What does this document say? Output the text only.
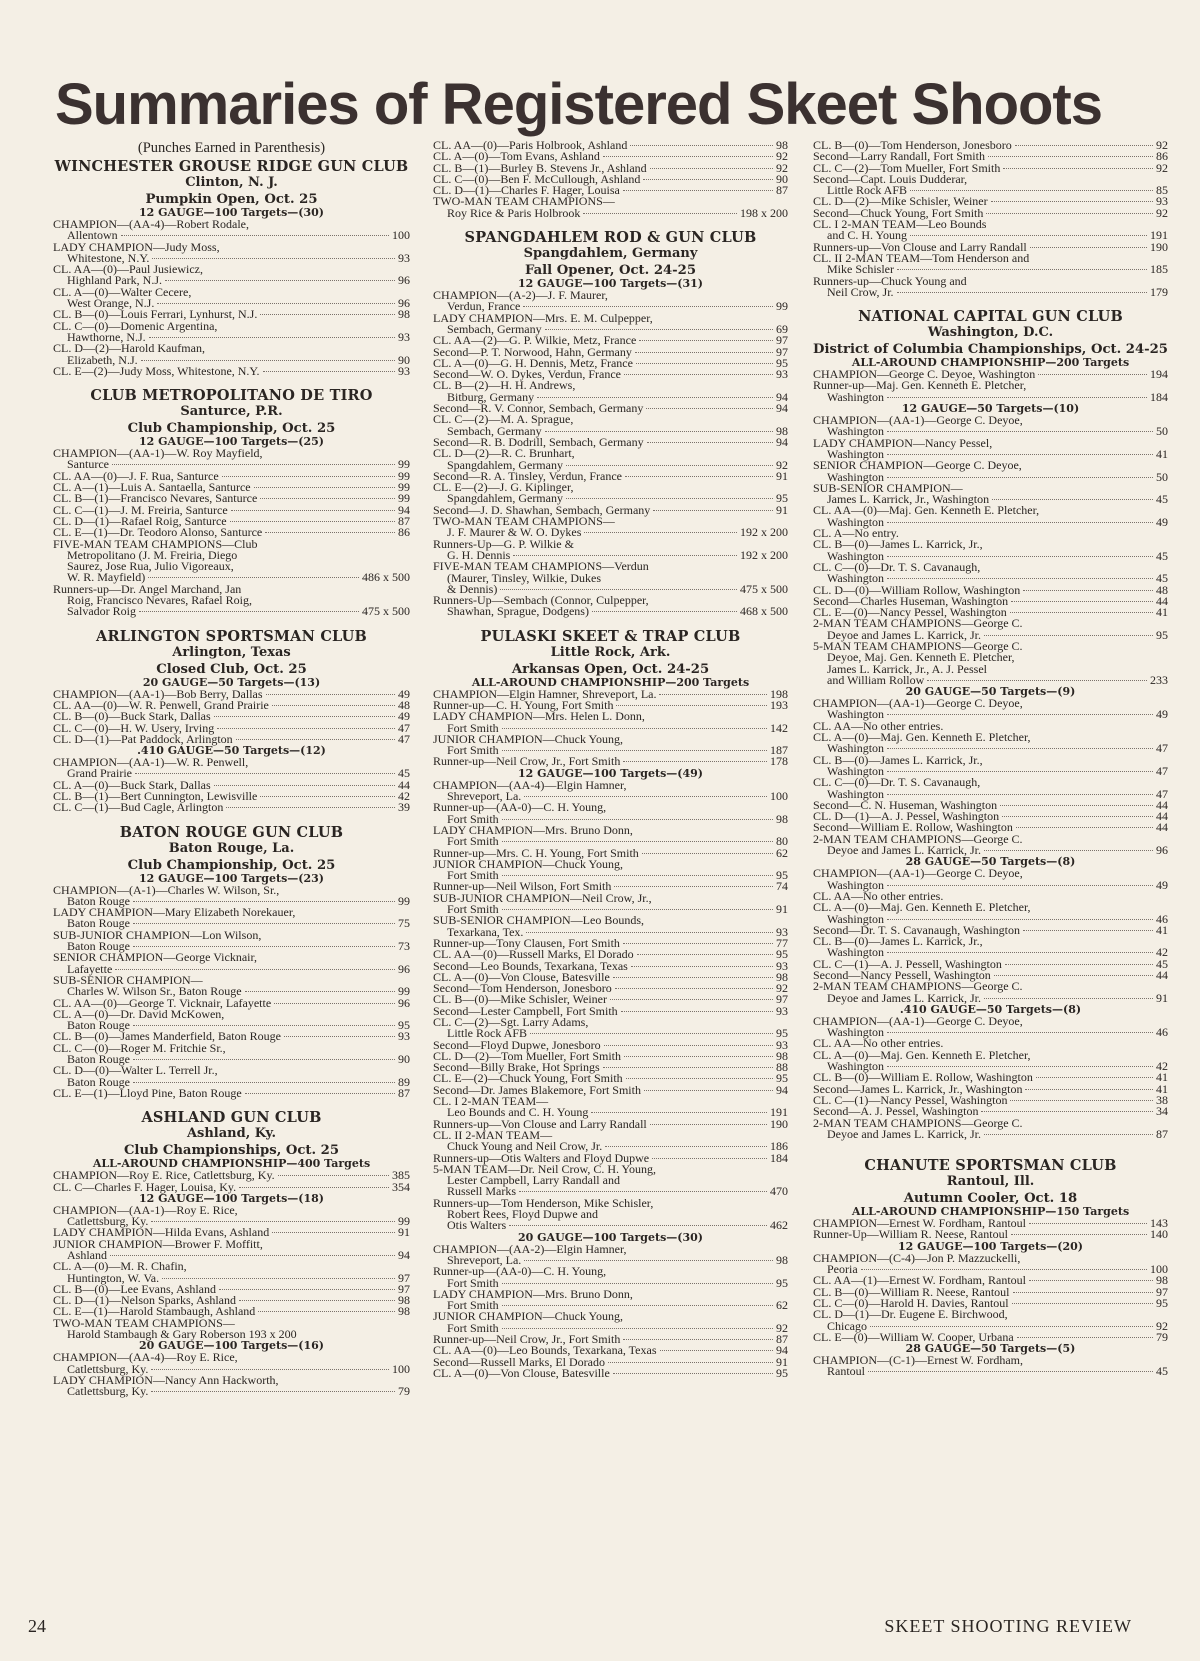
Summaries of Registered Skeet Shoots
(Punches Earned in Parenthesis)
WINCHESTER GROUSE RIDGE GUN CLUB
Clinton, N. J.
Pumpkin Open, Oct. 25
12 GAUGE—100 Targets—(30)
CHAMPION—(AA-4)—Robert Rodale,
Allentown	100
LADY CHAMPION—Judy Moss,
Whitestone, N.Y.	93
CL. AA—(0)—Paul Jusiewicz,
Highland Park, N.J.	96
CL. A—(0)—Walter Cecere,
West Orange, N.J.	96
CL. B—(0)—Louis Ferrari, Lynhurst, N.J.	98
CL. C—(0)—Domenic Argentina,
Hawthorne, N.J.	93
CL. D—(2)—Harold Kaufman,
Elizabeth, N.J.	90
CL. E—(2)—Judy Moss, Whitestone, N.Y.	93
CLUB METROPOLITANO DE TIRO
Santurce, P.R.
Club Championship, Oct. 25
12 GAUGE—100 Targets—(25)
CHAMPION—(AA-1)—W. Roy Mayfield,
Santurce	99
CL. AA—(0)—J. F. Rua, Santurce	99
CL. A—(1)—Luis A. Santaella, Santurce	99
CL. B—(1)—Francisco Nevares, Santurce	99
CL. C—(1)—J. M. Freiria, Santurce	94
CL. D—(1)—Rafael Roig, Santurce	87
CL. E—(1)—Dr. Teodoro Alonso, Santurce	86
FIVE-MAN TEAM CHAMPIONS—Club
Metropolitano (J. M. Freiria, Diego
Saurez, Jose Rua, Julio Vigoreaux,
W. R. Mayfield)	486 x 500
Runners-up—Dr. Angel Marchand, Jan
Roig, Francisco Nevares, Rafael Roig,
Salvador Roig	475 x 500
ARLINGTON SPORTSMAN CLUB
Arlington, Texas
Closed Club, Oct. 25
20 GAUGE—50 Targets—(13)
CHAMPION—(AA-1)—Bob Berry, Dallas	49
CL. AA—(0)—W. R. Penwell, Grand Prairie	48
CL. B—(0)—Buck Stark, Dallas	49
CL. C—(0)—H. W. Usery, Irving	47
CL. D—(1)—Pat Paddock, Arlington	47
.410 GAUGE—50 Targets—(12)
CHAMPION—(AA-1)—W. R. Penwell,
Grand Prairie	45
CL. A—(0)—Buck Stark, Dallas	44
CL. B—(1)—Bert Cunnington, Lewisville	42
CL. C—(1)—Bud Cagle, Arlington	39
BATON ROUGE GUN CLUB
Baton Rouge, La.
Club Championship, Oct. 25
12 GAUGE—100 Targets—(23)
CHAMPION—(A-1)—Charles W. Wilson, Sr.,
Baton Rouge	99
LADY CHAMPION—Mary Elizabeth Norekauer,
Baton Rouge	75
SUB-JUNIOR CHAMPION—Lon Wilson,
Baton Rouge	73
SENIOR CHAMPION—George Vicknair,
Lafayette	96
SUB-SENIOR CHAMPION—
Charles W. Wilson Sr., Baton Rouge	99
CL. AA—(0)—George T. Vicknair, Lafayette	96
CL. A—(0)—Dr. David McKowen,
Baton Rouge	95
CL. B—(0)—James Manderfield, Baton Rouge	93
CL. C—(0)—Roger M. Fritchie Sr.,
Baton Rouge	90
CL. D—(0)—Walter L. Terrell Jr.,
Baton Rouge	89
CL. E—(1)—Lloyd Pine, Baton Rouge	87
ASHLAND GUN CLUB
Ashland, Ky.
Club Championships, Oct. 25
ALL-AROUND CHAMPIONSHIP—400 Targets
CHAMPION—Roy E. Rice, Catlettsburg, Ky.	385
CL. C—Charles F. Hager, Louisa, Ky.	354
12 GAUGE—100 Targets—(18)
CHAMPION—(AA-1)—Roy E. Rice,
Catlettsburg, Ky.	99
LADY CHAMPION—Hilda Evans, Ashland	91
JUNIOR CHAMPION—Brower F. Moffitt,
Ashland	94
CL. A—(0)—M. R. Chafin,
Huntington, W. Va.	97
CL. B—(0)—Lee Evans, Ashland	97
CL. D—(1)—Nelson Sparks, Ashland	98
CL. E—(1)—Harold Stambaugh, Ashland	98
TWO-MAN TEAM CHAMPIONS—
Harold Stambaugh & Gary Roberson 193 x 200
20 GAUGE—100 Targets—(16)
CHAMPION—(AA-4)—Roy E. Rice,
Catlettsburg, Ky.	100
LADY CHAMPION—Nancy Ann Hackworth,
Catlettsburg, Ky.	79
CL. AA—(0)—Paris Holbrook, Ashland	98
CL. A—(0)—Tom Evans, Ashland	92
CL. B—(1)—Burley B. Stevens Jr., Ashland	92
CL. C—(0)—Ben F. McCullough, Ashland	90
CL. D—(1)—Charles F. Hager, Louisa	87
TWO-MAN TEAM CHAMPIONS—
Roy Rice & Paris Holbrook	198 x 200
SPANGDAHLEM ROD & GUN CLUB
Spangdahlem, Germany
Fall Opener, Oct. 24-25
12 GAUGE—100 Targets—(31)
CHAMPION—(A-2)—J. F. Maurer,
Verdun, France	99
LADY CHAMPION—Mrs. E. M. Culpepper,
Sembach, Germany	69
CL. AA—(2)—G. P. Wilkie, Metz, France	97
Second—P. T. Norwood, Hahn, Germany	97
CL. A—(0)—G. H. Dennis, Metz, France	95
Second—W. O. Dykes, Verdun, France	93
CL. B—(2)—H. H. Andrews,
Bitburg, Germany	94
Second—R. V. Connor, Sembach, Germany	94
CL. C—(2)—M. A. Sprague,
Sembach, Germany	98
Second—R. B. Dodrill, Sembach, Germany	94
CL. D—(2)—R. C. Brunhart,
Spangdahlem, Germany	92
Second—R. A. Tinsley, Verdun, France	91
CL. E—(2)—J. G. Kiplinger,
Spangdahlem, Germany	95
Second—J. D. Shawhan, Sembach, Germany	91
TWO-MAN TEAM CHAMPIONS—
J. F. Maurer & W. O. Dykes	192 x 200
Runners-Up—G. P. Wilkie &
G. H. Dennis	192 x 200
FIVE-MAN TEAM CHAMPIONS—Verdun
(Maurer, Tinsley, Wilkie, Dukes
& Dennis)	475 x 500
Runners-Up—Sembach (Connor, Culpepper,
Shawhan, Sprague, Dodgens)	468 x 500
PULASKI SKEET & TRAP CLUB
Little Rock, Ark.
Arkansas Open, Oct. 24-25
ALL-AROUND CHAMPIONSHIP—200 Targets
CHAMPION—Elgin Hamner, Shreveport, La.	198
Runner-up—C. H. Young, Fort Smith	193
LADY CHAMPION—Mrs. Helen L. Donn,
Fort Smith	142
JUNIOR CHAMPION—Chuck Young,
Fort Smith	187
Runner-up—Neil Crow, Jr., Fort Smith	178
12 GAUGE—100 Targets—(49)
CHAMPION—(AA-4)—Elgin Hamner,
Shreveport, La.	100
Runner-up—(AA-0)—C. H. Young,
Fort Smith	98
LADY CHAMPION—Mrs. Bruno Donn,
Fort Smith	80
Runner-up—Mrs. C. H. Young, Fort Smith	62
JUNIOR CHAMPION—Chuck Young,
Fort Smith	95
Runner-up—Neil Wilson, Fort Smith	74
SUB-JUNIOR CHAMPION—Neil Crow, Jr.,
Fort Smith	91
SUB-SENIOR CHAMPION—Leo Bounds,
Texarkana, Tex.	93
Runner-up—Tony Clausen, Fort Smith	77
CL. AA—(0)—Russell Marks, El Dorado	95
Second—Leo Bounds, Texarkana, Texas	93
CL. A—(0)—Von Clouse, Batesville	98
Second—Tom Henderson, Jonesboro	92
CL. B—(0)—Mike Schisler, Weiner	97
Second—Lester Campbell, Fort Smith	93
CL. C—(2)—Sgt. Larry Adams,
Little Rock AFB	95
Second—Floyd Dupwe, Jonesboro	93
CL. D—(2)—Tom Mueller, Fort Smith	98
Second—Billy Brake, Hot Springs	88
CL. E—(2)—Chuck Young, Fort Smith	95
Second—Dr. James Blakemore, Fort Smith	94
CL. I 2-MAN TEAM—
Leo Bounds and C. H. Young	191
Runners-up—Von Clouse and Larry Randall	190
CL. II 2-MAN TEAM—
Chuck Young and Neil Crow, Jr.	186
Runners-up—Otis Walters and Floyd Dupwe	184
5-MAN TEAM—Dr. Neil Crow, C. H. Young,
Lester Campbell, Larry Randall and
Russell Marks	470
Runners-up—Tom Henderson, Mike Schisler,
Robert Rees, Floyd Dupwe and
Otis Walters	462
20 GAUGE—100 Targets—(30)
CHAMPION—(AA-2)—Elgin Hamner,
Shreveport, La.	98
Runner-up—(AA-0)—C. H. Young,
Fort Smith	95
LADY CHAMPION—Mrs. Bruno Donn,
Fort Smith	62
JUNIOR CHAMPION—Chuck Young,
Fort Smith	92
Runner-up—Neil Crow, Jr., Fort Smith	87
CL. AA—(0)—Leo Bounds, Texarkana, Texas	94
Second—Russell Marks, El Dorado	91
CL. A—(0)—Von Clouse, Batesville	95
CL. B—(0)—Tom Henderson, Jonesboro	92
Second—Larry Randall, Fort Smith	86
CL. C—(2)—Tom Mueller, Fort Smith	92
Second—Capt. Louis Dudderar,
Little Rock AFB	85
CL. D—(2)—Mike Schisler, Weiner	93
Second—Chuck Young, Fort Smith	92
CL. I 2-MAN TEAM—Leo Bounds
and C. H. Young	191
Runners-up—Von Clouse and Larry Randall	190
CL. II 2-MAN TEAM—Tom Henderson and
Mike Schisler	185
Runners-up—Chuck Young and
Neil Crow, Jr.	179
NATIONAL CAPITAL GUN CLUB
Washington, D.C.
District of Columbia Championships, Oct. 24-25
ALL-AROUND CHAMPIONSHIP—200 Targets
CHAMPION—George C. Deyoe, Washington	194
Runner-up—Maj. Gen. Kenneth E. Pletcher,
Washington	184
12 GAUGE—50 Targets—(10)
CHAMPION—(AA-1)—George C. Deyoe,
Washington	50
LADY CHAMPION—Nancy Pessel,
Washington	41
SENIOR CHAMPION—George C. Deyoe,
Washington	50
SUB-SENIOR CHAMPION—
James L. Karrick, Jr., Washington	45
CL. AA—(0)—Maj. Gen. Kenneth E. Pletcher,
Washington	49
CL. A—No entry.
CL. B—(0)—James L. Karrick, Jr.,
Washington	45
CL. C—(0)—Dr. T. S. Cavanaugh,
Washington	45
CL. D—(0)—William Rollow, Washington	48
Second—Charles Huseman, Washington	44
CL. E—(0)—Nancy Pessel, Washington	41
2-MAN TEAM CHAMPIONS—George C.
Deyoe and James L. Karrick, Jr.	95
5-MAN TEAM CHAMPIONS—George C.
Deyoe, Maj. Gen. Kenneth E. Pletcher,
James L. Karrick, Jr., A. J. Pessel
and William Rollow	233
20 GAUGE—50 Targets—(9)
CHAMPION—(AA-1)—George C. Deyoe,
Washington	49
CL. AA—No other entries.
CL. A—(0)—Maj. Gen. Kenneth E. Pletcher,
Washington	47
CL. B—(0)—James L. Karrick, Jr.,
Washington	47
CL. C—(0)—Dr. T. S. Cavanaugh,
Washington	47
Second—C. N. Huseman, Washington	44
CL. D—(1)—A. J. Pessel, Washington	44
Second—William E. Rollow, Washington	44
2-MAN TEAM CHAMPIONS—George C.
Deyoe and James L. Karrick, Jr.	96
28 GAUGE—50 Targets—(8)
CHAMPION—(AA-1)—George C. Deyoe,
Washington	49
CL. AA—No other entries.
CL. A—(0)—Maj. Gen. Kenneth E. Pletcher,
Washington	46
Second—Dr. T. S. Cavanaugh, Washington	41
CL. B—(0)—James L. Karrick, Jr.,
Washington	42
CL. C—(1)—A. J. Pessell, Washington	45
Second—Nancy Pessell, Washington	44
2-MAN TEAM CHAMPIONS—George C.
Deyoe and James L. Karrick, Jr.	91
.410 GAUGE—50 Targets—(8)
CHAMPION—(AA-1)—George C. Deyoe,
Washington	46
CL. AA—No other entries.
CL. A—(0)—Maj. Gen. Kenneth E. Pletcher,
Washington	42
CL. B—(0)—William E. Rollow, Washington	41
Second—James L. Karrick, Jr., Washington	41
CL. C—(1)—Nancy Pessel, Washington	38
Second—A. J. Pessel, Washington	34
2-MAN TEAM CHAMPIONS—George C.
Deyoe and James L. Karrick, Jr.	87
CHANUTE SPORTSMAN CLUB
Rantoul, Ill.
Autumn Cooler, Oct. 18
ALL-AROUND CHAMPIONSHIP—150 Targets
CHAMPION—Ernest W. Fordham, Rantoul	143
Runner-Up—William R. Neese, Rantoul	140
12 GAUGE—100 Targets—(20)
CHAMPION—(C-4)—Jon P. Mazzuckelli,
Peoria	100
CL. AA—(1)—Ernest W. Fordham, Rantoul	98
CL. B—(0)—William R. Neese, Rantoul	97
CL. C—(0)—Harold H. Davies, Rantoul	95
CL. D—(1)—Dr. Eugene E. Birchwood,
Chicago	92
CL. E—(0)—William W. Cooper, Urbana	79
28 GAUGE—50 Targets—(5)
CHAMPION—(C-1)—Ernest W. Fordham,
Rantoul	45
24	SKEET SHOOTING REVIEW
